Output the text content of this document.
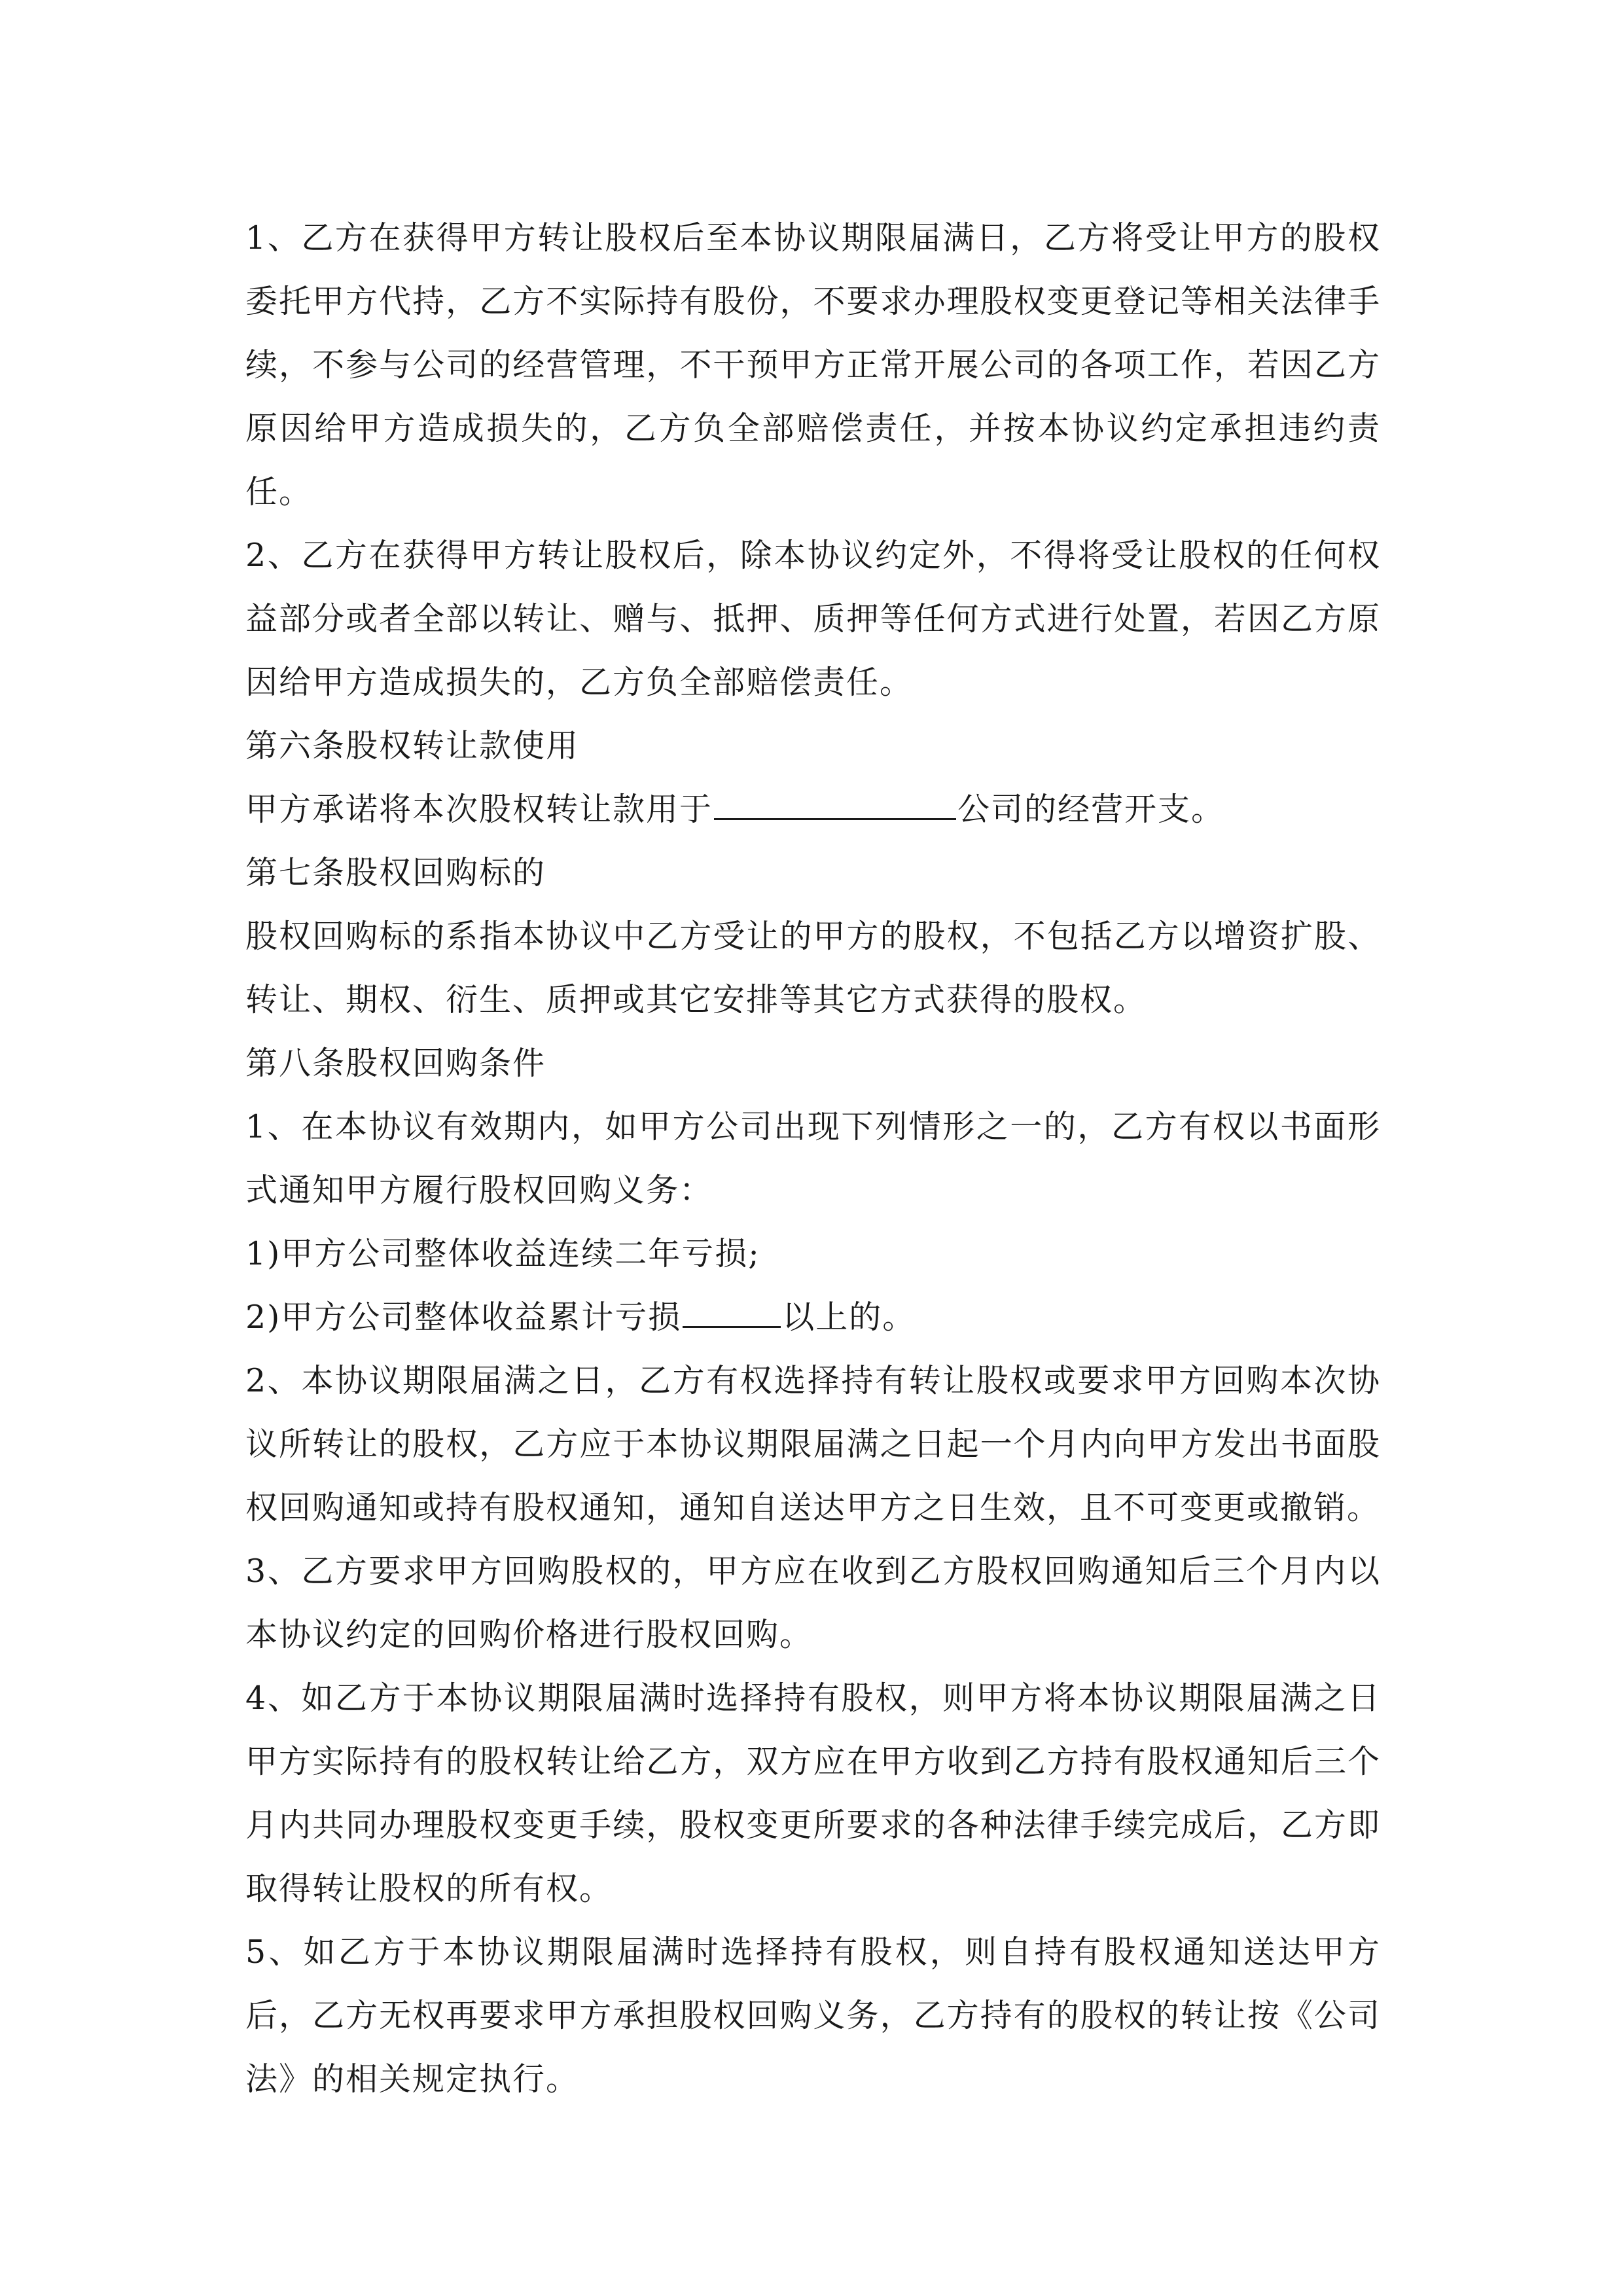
1、乙方在获得甲方转让股权后至本协议期限届满日，乙方将受让甲方的股权委托甲方代持，乙方不实际持有股份，不要求办理股权变更登记等相关法律手续，不参与公司的经营管理，不干预甲方正常开展公司的各项工作，若因乙方原因给甲方造成损失的，乙方负全部赔偿责任，并按本协议约定承担违约责任。

2、乙方在获得甲方转让股权后，除本协议约定外，不得将受让股权的任何权益部分或者全部以转让、赠与、抵押、质押等任何方式进行处置，若因乙方原因给甲方造成损失的，乙方负全部赔偿责任。

第六条股权转让款使用

甲方承诺将本次股权转让款用于	公司的经营开支。

第七条股权回购标的

股权回购标的系指本协议中乙方受让的甲方的股权，不包括乙方以增资扩股、转让、期权、衍生、质押或其它安排等其它方式获得的股权。

第八条股权回购条件

1、在本协议有效期内，如甲方公司出现下列情形之一的，乙方有权以书面形式通知甲方履行股权回购义务：

1)甲方公司整体收益连续二年亏损;

2)甲方公司整体收益累计亏损	以上的。

2、本协议期限届满之日，乙方有权选择持有转让股权或要求甲方回购本次协议所转让的股权，乙方应于本协议期限届满之日起一个月内向甲方发出书面股权回购通知或持有股权通知，通知自送达甲方之日生效，且不可变更或撤销。

3、乙方要求甲方回购股权的，甲方应在收到乙方股权回购通知后三个月内以本协议约定的回购价格进行股权回购。

4、如乙方于本协议期限届满时选择持有股权，则甲方将本协议期限届满之日甲方实际持有的股权转让给乙方，双方应在甲方收到乙方持有股权通知后三个月内共同办理股权变更手续，股权变更所要求的各种法律手续完成后，乙方即取得转让股权的所有权。

5、如乙方于本协议期限届满时选择持有股权，则自持有股权通知送达甲方后，乙方无权再要求甲方承担股权回购义务，乙方持有的股权的转让按《公司法》的相关规定执行。
